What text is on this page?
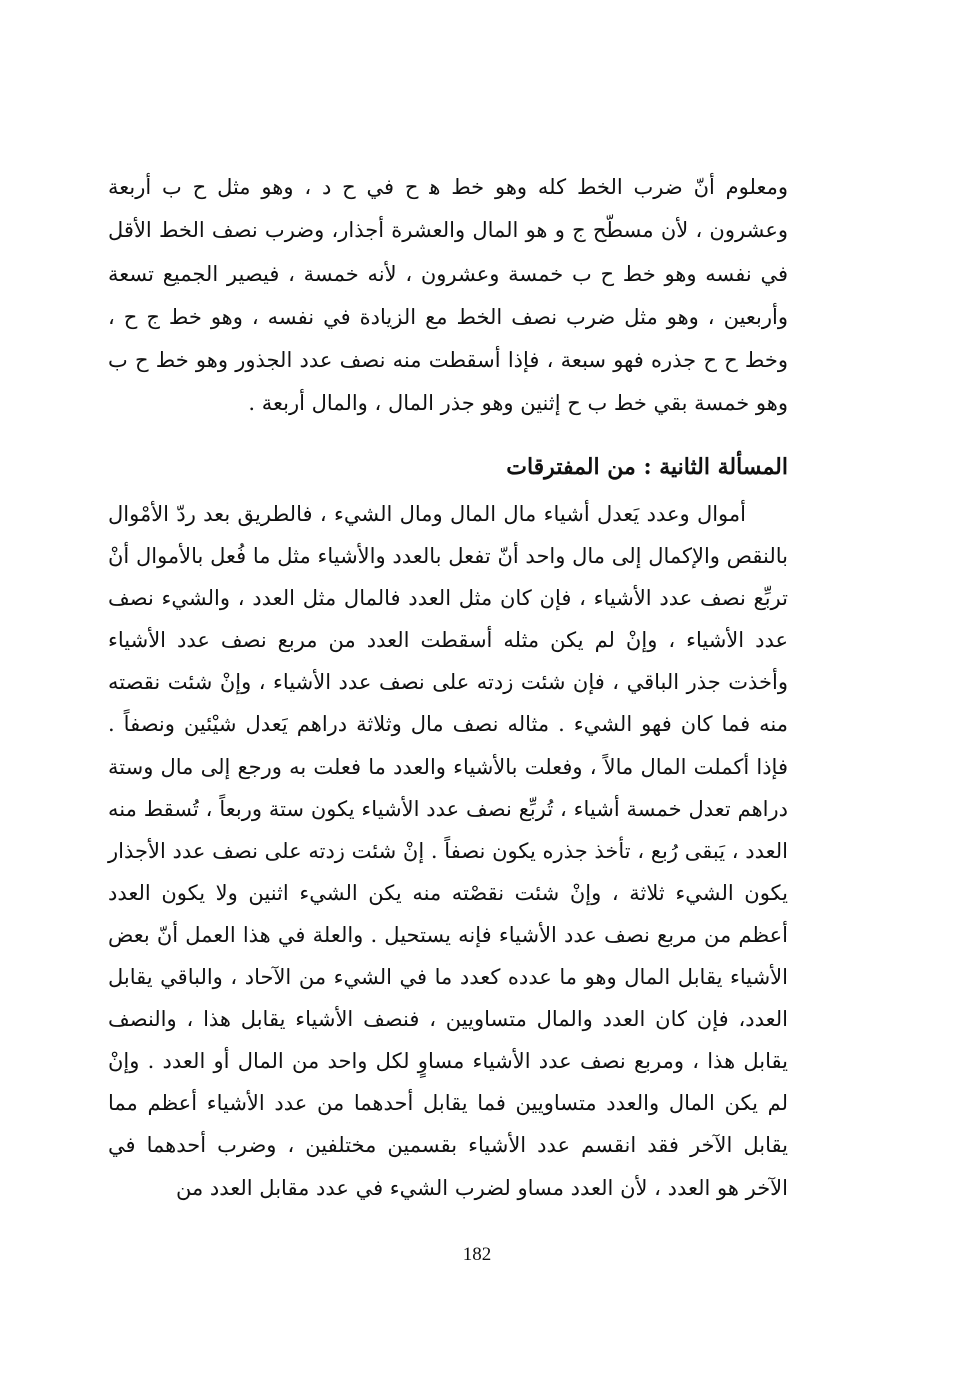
ومعلوم أنّ ضرب الخط كله وهو خط ﻫ ح في ح د ، وهو مثل ح ب أربعة وعشرون ، لأن مسطّح ج و هو المال والعشرة أجذار، وضرب نصف الخط الأقل في نفسه وهو خط ح ب خمسة وعشرون ، لأنه خمسة ، فيصير الجميع تسعة وأربعين ، وهو مثل ضرب نصف الخط مع الزيادة في نفسه ، وهو خط ج ح ، وخط ح ح جذره فهو سبعة ، فإذا أسقطت منه نصف عدد الجذور وهو خط ح ب وهو خمسة بقي خط ب ح إثنين وهو جذر المال ، والمال أربعة .

المسألة الثانية : من المفترقات

أموال وعدد يَعدل أشياء مال المال ومال الشيء ، فالطريق بعد ردّ الأمْوال بالنقص والإكمال إلى مال واحد أنّ تفعل بالعدد والأشياء مثل ما فُعل بالأموال أنْ تربِّع نصف عدد الأشياء ، فإن كان مثل العدد فالمال مثل العدد ، والشيء نصف عدد الأشياء ، وإنْ لم يكن مثله أسقطت العدد من مربع نصف عدد الأشياء وأخذت جذر الباقي ، فإن شئت زدته على نصف عدد الأشياء ، وإنْ شئت نقصته منه فما كان فهو الشيء . مثاله نصف مال وثلاثة دراهم يَعدل شيْئين ونصفاً . فإذا أكملت المال مالاً ، وفعلت بالأشياء والعدد ما فعلت به ورجع إلى مال وستة دراهم تعدل خمسة أشياء ، تُربِّع نصف عدد الأشياء يكون ستة وربعاً ، تُسقط منه العدد ، يَبقى رُبع ، تأخذ جذره يكون نصفاً . إنْ شئت زدته على نصف عدد الأجذار يكون الشيء ثلاثة ، وإنْ شئت نقصْته منه يكن الشيء اثنين ولا يكون العدد أعظم من مربع نصف عدد الأشياء فإنه يستحيل . والعلة في هذا العمل أنّ بعض الأشياء يقابل المال وهو ما عدده كعدد ما في الشيء من الآحاد ، والباقي يقابل العدد، فإن كان العدد والمال متساويين ، فنصف الأشياء يقابل هذا ، والنصف يقابل هذا ، ومربع نصف عدد الأشياء مساوٍ لكل واحد من المال أو العدد . وإنْ لم يكن المال والعدد متساويين فما يقابل أحدهما من عدد الأشياء أعظم مما يقابل الآخر فقد انقسم عدد الأشياء بقسمين مختلفين ، وضرب أحدهما في الآخر هو العدد ، لأن العدد مساو لضرب الشيء في عدد مقابل العدد من

182
